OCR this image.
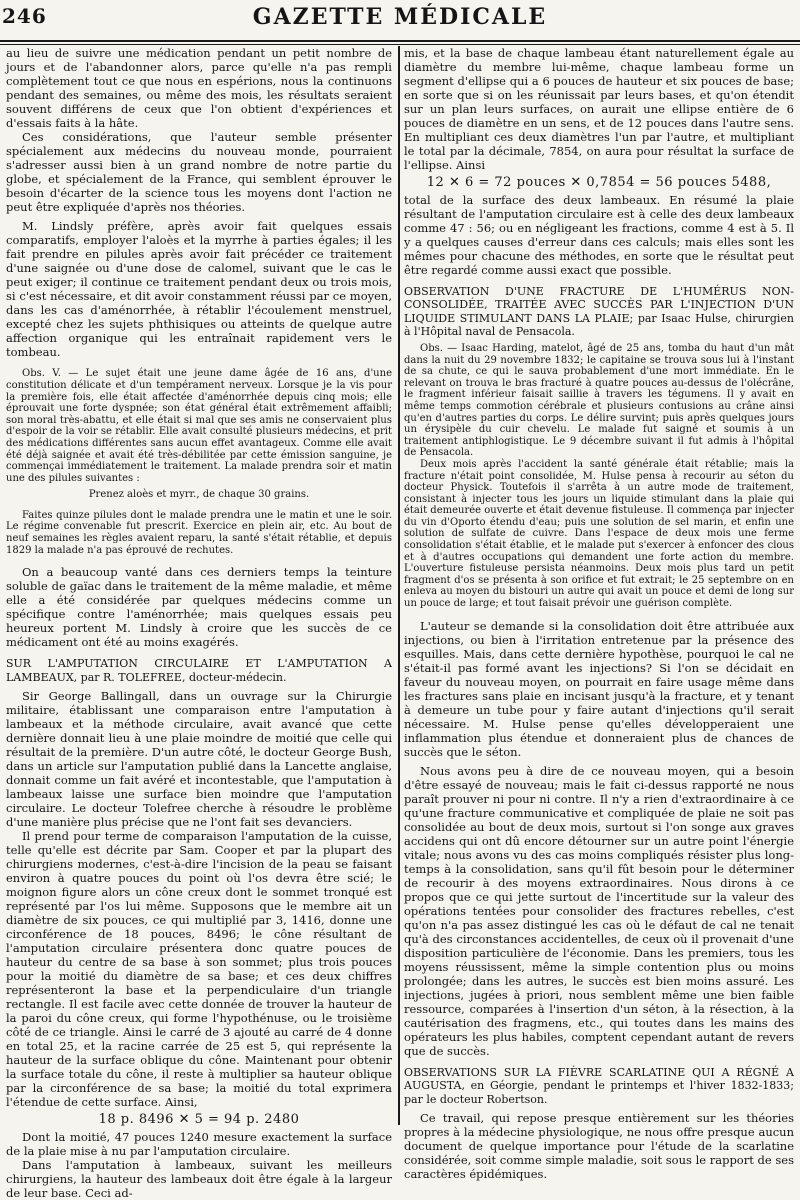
246	GAZETTE MÉDICALE

au lieu de suivre une médication pendant un petit nombre de jours et de l'abandonner alors, parce qu'elle n'a pas rempli complètement tout ce que nous en espérions, nous la continuons pendant des semaines, ou même des mois, les résultats seraient souvent différens de ceux que l'on obtient d'expériences et d'essais faits à la hâte.

Ces considérations, que l'auteur semble présenter spécialement aux médecins du nouveau monde, pourraient s'adresser aussi bien à un grand nombre de notre partie du globe, et spécialement de la France, qui semblent éprouver le besoin d'écarter de la science tous les moyens dont l'action ne peut être expliquée d'après nos théories.

M. Lindsly préfère, après avoir fait quelques essais comparatifs, employer l'aloès et la myrrhe à parties égales; il les fait prendre en pilules après avoir fait précéder ce traitement d'une saignée ou d'une dose de calomel, suivant que le cas le peut exiger; il continue ce traitement pendant deux ou trois mois, si c'est nécessaire, et dit avoir constamment réussi par ce moyen, dans les cas d'aménorrhée, à rétablir l'écoulement menstruel, excepté chez les sujets phthisiques ou atteints de quelque autre affection organique qui les entraînait rapidement vers le tombeau.

Obs. V. — Le sujet était une jeune dame âgée de 16 ans, d'une constitution délicate et d'un tempérament nerveux. Lorsque je la vis pour la première fois, elle était affectée d'aménorrhée depuis cinq mois; elle éprouvait une forte dyspnée; son état général était extrêmement affaibli; son moral très-abattu, et elle était si mal que ses amis ne conservaient plus d'espoir de la voir se rétablir. Elle avait consulté plusieurs médecins, et prit des médications différentes sans aucun effet avantageux. Comme elle avait été déjà saignée et avait été très-débilitée par cette émission sanguine, je commençai immédiatement le traitement. La malade prendra soir et matin une des pilules suivantes :

Prenez aloès et myrr., de chaque 30 grains.

Faites quinze pilules dont le malade prendra une le matin et une le soir. Le régime convenable fut prescrit. Exercice en plein air, etc. Au bout de neuf semaines les règles avaient reparu, la santé s'était rétablie, et depuis 1829 la malade n'a pas éprouvé de rechutes.

On a beaucoup vanté dans ces derniers temps la teinture soluble de gaïac dans le traitement de la même maladie, et même elle a été considérée par quelques médecins comme un spécifique contre l'aménorrhée; mais quelques essais peu heureux portent M. Lindsly à croire que les succès de ce médicament ont été au moins exagérés.

SUR L'AMPUTATION CIRCULAIRE ET L'AMPUTATION A LAMBEAUX, par R. TOLEFREE, docteur-médecin.

Sir George Ballingall, dans un ouvrage sur la Chirurgie militaire, établissant une comparaison entre l'amputation à lambeaux et la méthode circulaire, avait avancé que cette dernière donnait lieu à une plaie moindre de moitié que celle qui résultait de la première. D'un autre côté, le docteur George Bush, dans un article sur l'amputation publié dans la Lancette anglaise, donnait comme un fait avéré et incontestable, que l'amputation à lambeaux laisse une surface bien moindre que l'amputation circulaire. Le docteur Tolefree cherche à résoudre le problème d'une manière plus précise que ne l'ont fait ses devanciers.

Il prend pour terme de comparaison l'amputation de la cuisse, telle qu'elle est décrite par Sam. Cooper et par la plupart des chirurgiens modernes, c'est-à-dire l'incision de la peau se faisant environ à quatre pouces du point où l'os devra être scié; le moignon figure alors un cône creux dont le sommet tronqué est représenté par l'os lui même. Supposons que le membre ait un diamètre de six pouces, ce qui multiplié par 3, 1416, donne une circonférence de 18 pouces, 8496; le cône résultant de l'amputation circulaire présentera donc quatre pouces de hauteur du centre de sa base à son sommet; plus trois pouces pour la moitié du diamètre de sa base; et ces deux chiffres représenteront la base et la perpendiculaire d'un triangle rectangle. Il est facile avec cette donnée de trouver la hauteur de la paroi du cône creux, qui forme l'hypothénuse, ou le troisième côté de ce triangle. Ainsi le carré de 3 ajouté au carré de 4 donne en total 25, et la racine carrée de 25 est 5, qui représente la hauteur de la surface oblique du cône. Maintenant pour obtenir la surface totale du cône, il reste à multiplier sa hauteur oblique par la circonférence de sa base; la moitié du total exprimera l'étendue de cette surface. Ainsi,

18 p. 8496 ✕ 5 = 94 p. 2480

Dont la moitié, 47 pouces 1240 mesure exactement la surface de la plaie mise à nu par l'amputation circulaire.

Dans l'amputation à lambeaux, suivant les meilleurs chirurgiens, la hauteur des lambeaux doit être égale à la largeur de leur base. Ceci ad-

mis, et la base de chaque lambeau étant naturellement égale au diamètre du membre lui-même, chaque lambeau forme un segment d'ellipse qui a 6 pouces de hauteur et six pouces de base; en sorte que si on les réunissait par leurs bases, et qu'on étendit sur un plan leurs surfaces, on aurait une ellipse entière de 6 pouces de diamètre en un sens, et de 12 pouces dans l'autre sens. En multipliant ces deux diamètres l'un par l'autre, et multipliant le total par la décimale, 7854, on aura pour résultat la surface de l'ellipse. Ainsi

12 ✕ 6 = 72 pouces ✕ 0,7854 = 56 pouces 5488,

total de la surface des deux lambeaux. En résumé la plaie résultant de l'amputation circulaire est à celle des deux lambeaux comme 47 : 56; ou en négligeant les fractions, comme 4 est à 5. Il y a quelques causes d'erreur dans ces calculs; mais elles sont les mêmes pour chacune des méthodes, en sorte que le résultat peut être regardé comme aussi exact que possible.

OBSERVATION D'UNE FRACTURE DE L'HUMÉRUS NON-CONSOLIDÉE, TRAITÉE AVEC SUCCÈS PAR L'INJECTION D'UN LIQUIDE STIMULANT DANS LA PLAIE; par Isaac Hulse, chirurgien à l'Hôpital naval de Pensacola.

Obs. — Isaac Harding, matelot, âgé de 25 ans, tomba du haut d'un mât dans la nuit du 29 novembre 1832; le capitaine se trouva sous lui à l'instant de sa chute, ce qui le sauva probablement d'une mort immédiate. En le relevant on trouva le bras fracturé à quatre pouces au-dessus de l'olécrâne, le fragment inférieur faisait saillie à travers les tégumens. Il y avait en même temps commotion cérébrale et plusieurs contusions au crâne ainsi qu'en d'autres parties du corps. Le délire survint; puis après quelques jours un érysipèle du cuir chevelu. Le malade fut saigné et soumis à un traitement antiphlogistique. Le 9 décembre suivant il fut admis à l'hôpital de Pensacola.

Deux mois après l'accident la santé générale était rétablie; mais la fracture n'était point consolidée, M. Hulse pensa à recourir au séton du docteur Physick. Toutefois il s'arrêta à un autre mode de traitement, consistant à injecter tous les jours un liquide stimulant dans la plaie qui était demeurée ouverte et était devenue fistuleuse. Il commença par injecter du vin d'Oporto étendu d'eau; puis une solution de sel marin, et enfin une solution de sulfate de cuivre. Dans l'espace de deux mois une ferme consolidation s'était établie, et le malade put s'exercer à enfoncer des clous et à d'autres occupations qui demandent une forte action du membre. L'ouverture fistuleuse persista néanmoins. Deux mois plus tard un petit fragment d'os se présenta à son orifice et fut extrait; le 25 septembre on en enleva au moyen du bistouri un autre qui avait un pouce et demi de long sur un pouce de large; et tout faisait prévoir une guérison complète.

L'auteur se demande si la consolidation doit être attribuée aux injections, ou bien à l'irritation entretenue par la présence des esquilles. Mais, dans cette dernière hypothèse, pourquoi le cal ne s'était-il pas formé avant les injections? Si l'on se décidait en faveur du nouveau moyen, on pourrait en faire usage même dans les fractures sans plaie en incisant jusqu'à la fracture, et y tenant à demeure un tube pour y faire autant d'injections qu'il serait nécessaire. M. Hulse pense qu'elles développeraient une inflammation plus étendue et donneraient plus de chances de succès que le séton.

Nous avons peu à dire de ce nouveau moyen, qui a besoin d'être essayé de nouveau; mais le fait ci-dessus rapporté ne nous paraît prouver ni pour ni contre. Il n'y a rien d'extraordinaire à ce qu'une fracture communicative et compliquée de plaie ne soit pas consolidée au bout de deux mois, surtout si l'on songe aux graves accidens qui ont dû encore détourner sur un autre point l'énergie vitale; nous avons vu des cas moins compliqués résister plus long-temps à la consolidation, sans qu'il fût besoin pour le déterminer de recourir à des moyens extraordinaires. Nous dirons à ce propos que ce qui jette surtout de l'incertitude sur la valeur des opérations tentées pour consolider des fractures rebelles, c'est qu'on n'a pas assez distingué les cas où le défaut de cal ne tenait qu'à des circonstances accidentelles, de ceux où il provenait d'une disposition particulière de l'économie. Dans les premiers, tous les moyens réussissent, même la simple contention plus ou moins prolongée; dans les autres, le succès est bien moins assuré. Les injections, jugées à priori, nous semblent même une bien faible ressource, comparées à l'insertion d'un séton, à la résection, à la cautérisation des fragmens, etc., qui toutes dans les mains des opérateurs les plus habiles, comptent cependant autant de revers que de succès.

OBSERVATIONS SUR LA FIÈVRE SCARLATINE QUI A RÉGNÉ A AUGUSTA, en Géorgie, pendant le printemps et l'hiver 1832-1833; par le docteur Robertson.

Ce travail, qui repose presque entièrement sur les théories propres à la médecine physiologique, ne nous offre presque aucun document de quelque importance pour l'étude de la scarlatine considérée, soit comme simple maladie, soit sous le rapport de ses caractères épidémiques.
